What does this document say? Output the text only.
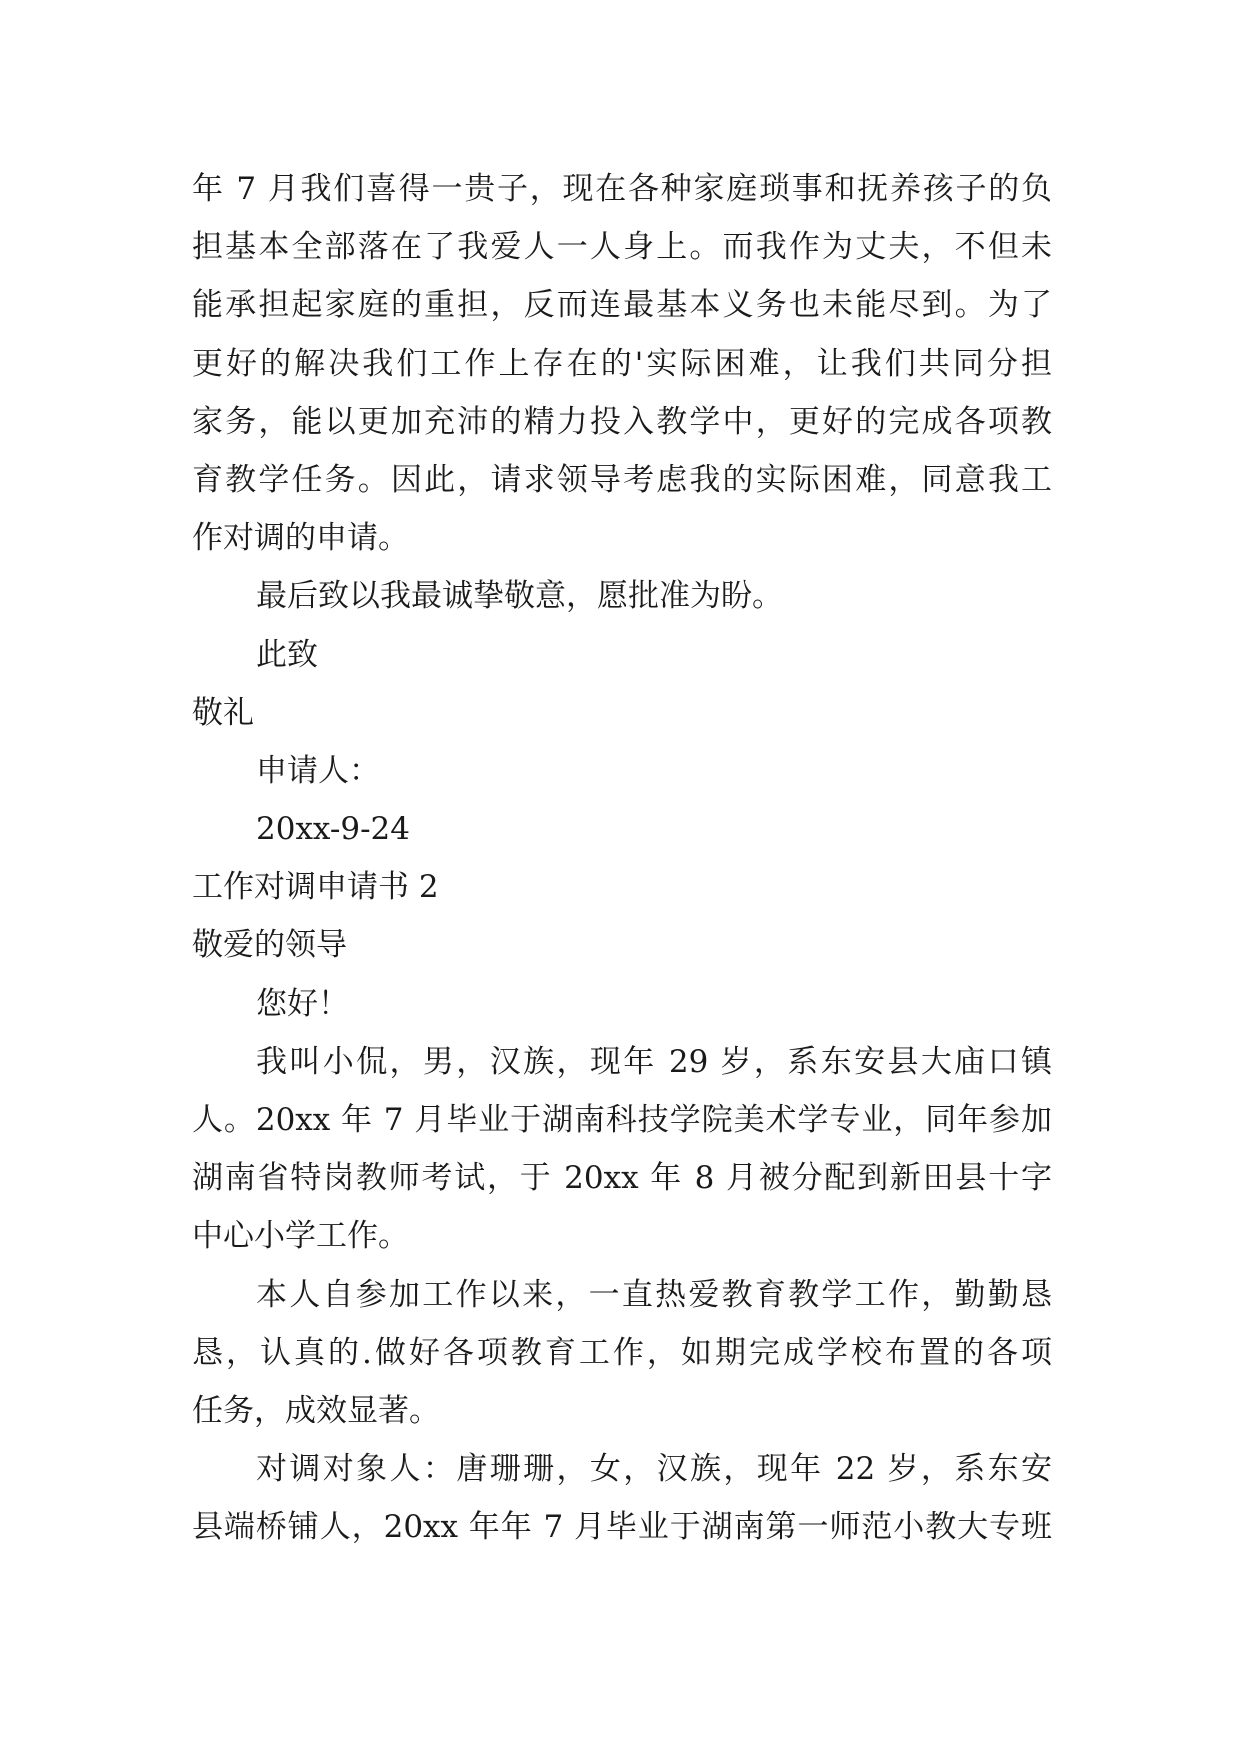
年 7 月我们喜得一贵子，现在各种家庭琐事和抚养孩子的负
担基本全部落在了我爱人一人身上。而我作为丈夫，不但未
能承担起家庭的重担，反而连最基本义务也未能尽到。为了
更好的解决我们工作上存在的'实际困难，让我们共同分担
家务，能以更加充沛的精力投入教学中，更好的完成各项教
育教学任务。因此，请求领导考虑我的实际困难，同意我工
作对调的申请。
最后致以我最诚挚敬意，愿批准为盼。
此致
敬礼
申请人：
20xx-9-24
工作对调申请书 2
敬爱的领导
您好！
我叫小侃，男，汉族，现年 29 岁，系东安县大庙口镇
人。20xx 年 7 月毕业于湖南科技学院美术学专业，同年参加
湖南省特岗教师考试，于 20xx 年 8 月被分配到新田县十字
中心小学工作。
本人自参加工作以来，一直热爱教育教学工作，勤勤恳
恳，认真的.做好各项教育工作，如期完成学校布置的各项
任务，成效显著。
对调对象人：唐珊珊，女，汉族，现年 22 岁，系东安
县端桥铺人，20xx 年年 7 月毕业于湖南第一师范小教大专班
